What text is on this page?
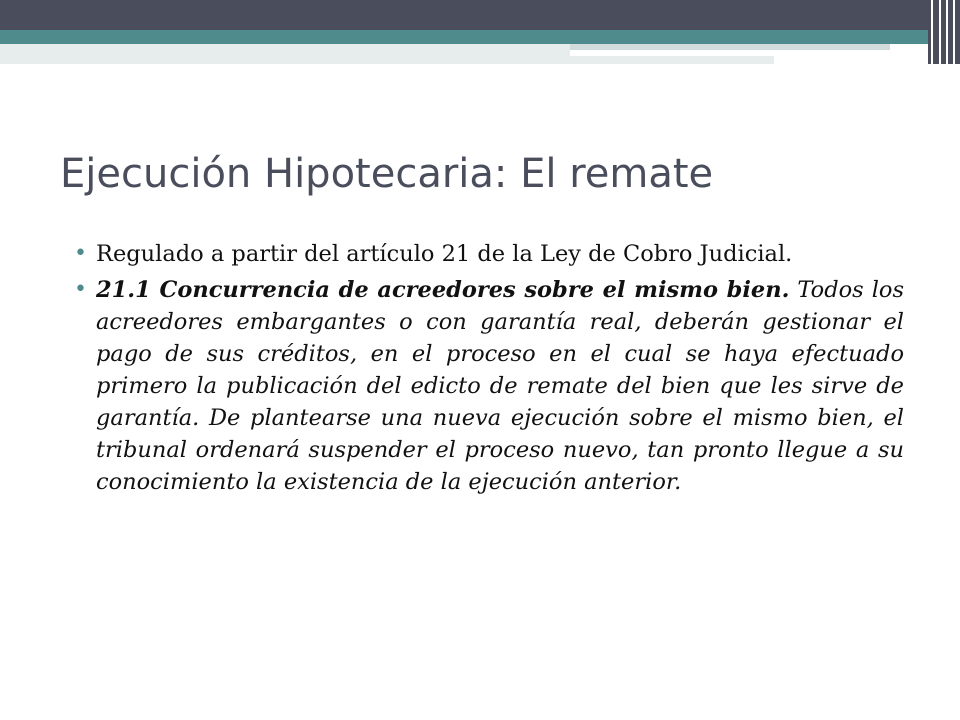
Ejecución Hipotecaria: El remate
• Regulado a partir del artículo 21 de la Ley de Cobro Judicial.
• 21.1 Concurrencia de acreedores sobre el mismo bien. Todos los acreedores embargantes o con garantía real, deberán gestionar el pago de sus créditos, en el proceso en el cual se haya efectuado primero la publicación del edicto de remate del bien que les sirve de garantía. De plantearse una nueva ejecución sobre el mismo bien, el tribunal ordenará suspender el proceso nuevo, tan pronto llegue a su conocimiento la existencia de la ejecución anterior.
